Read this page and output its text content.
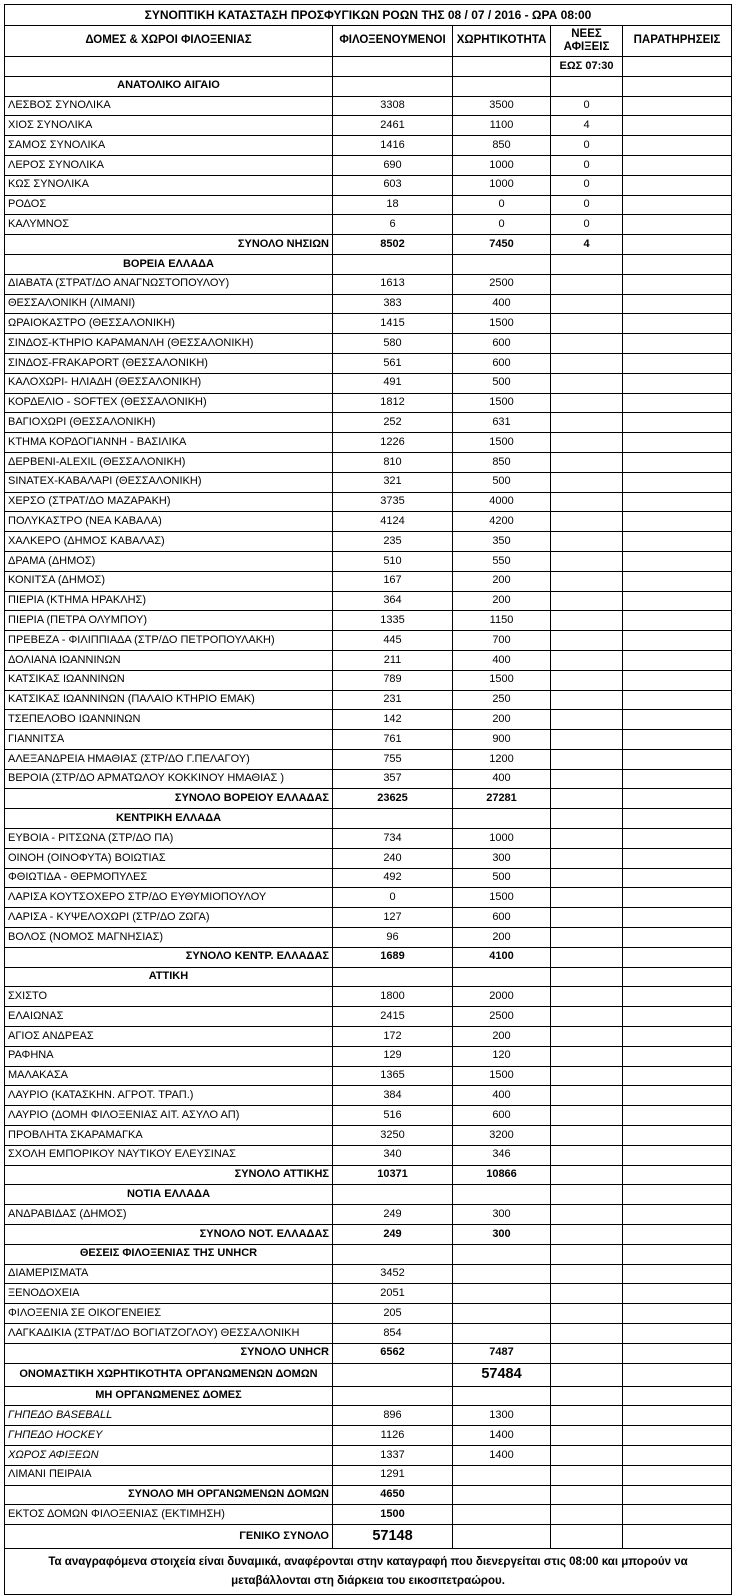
ΣΥΝΟΠΤΙΚΗ ΚΑΤΑΣΤΑΣΗ ΠΡΟΣΦΥΓΙΚΩΝ ΡΟΩΝ ΤΗΣ 08 / 07 / 2016 - ΩΡΑ 08:00				
ΔΟΜΕΣ & ΧΩΡΟΙ ΦΙΛΟΞΕΝΙΑΣ	ΦΙΛΟΞΕΝΟΥΜΕΝΟΙ	ΧΩΡΗΤΙΚΟΤΗΤΑ	ΝΕΕΣ ΑΦΙΞΕΙΣ	ΠΑΡΑΤΗΡΗΣΕΙΣ
			ΕΩΣ 07:30	
ΑΝΑΤΟΛΙΚΟ ΑΙΓΑΙΟ				
ΛΕΣΒΟΣ ΣΥΝΟΛΙΚΑ	3308	3500	0	
ΧΙΟΣ ΣΥΝΟΛΙΚΑ	2461	1100	4	
ΣΑΜΟΣ ΣΥΝΟΛΙΚΑ	1416	850	0	
ΛΕΡΟΣ ΣΥΝΟΛΙΚΑ	690	1000	0	
ΚΩΣ ΣΥΝΟΛΙΚΑ	603	1000	0	
ΡΟΔΟΣ	18	0	0	
ΚΑΛΥΜΝΟΣ	6	0	0	
ΣΥΝΟΛΟ ΝΗΣΙΩΝ	8502	7450	4	
ΒΟΡΕΙΑ ΕΛΛΑΔΑ				
ΔΙΑΒΑΤΑ (ΣΤΡΑΤ/ΔΟ ΑΝΑΓΝΩΣΤΟΠΟΥΛΟΥ)	1613	2500		
ΘΕΣΣΑΛΟΝΙΚΗ (ΛΙΜΑΝΙ)	383	400		
ΩΡΑΙΟΚΑΣΤΡΟ (ΘΕΣΣΑΛΟΝΙΚΗ)	1415	1500		
ΣΙΝΔΟΣ-ΚΤΗΡΙΟ ΚΑΡΑΜΑΝΛΗ (ΘΕΣΣΑΛΟΝΙΚΗ)	580	600		
ΣΙΝΔΟΣ-FRAKAPORT (ΘΕΣΣΑΛΟΝΙΚΗ)	561	600		
ΚΑΛΟΧΩΡΙ- ΗΛΙΑΔΗ (ΘΕΣΣΑΛΟΝΙΚΗ)	491	500		
ΚΟΡΔΕΛΙΟ - SOFTEX (ΘΕΣΣΑΛΟΝΙΚΗ)	1812	1500		
ΒΑΓΙΟΧΩΡΙ (ΘΕΣΣΑΛΟΝΙΚΗ)	252	631		
ΚΤΗΜΑ ΚΟΡΔΟΓΙΑΝΝΗ - ΒΑΣΙΛΙΚΑ	1226	1500		
ΔΕΡΒΕΝΙ-ALEXIL (ΘΕΣΣΑΛΟΝΙΚΗ)	810	850		
SINATEX-ΚΑΒΑΛΑΡΙ (ΘΕΣΣΑΛΟΝΙΚΗ)	321	500		
ΧΕΡΣΟ (ΣΤΡΑΤ/ΔΟ ΜΑΖΑΡΑΚΗ)	3735	4000		
ΠΟΛΥΚΑΣΤΡΟ (ΝΕΑ ΚΑΒΑΛΑ)	4124	4200		
ΧΑΛΚΕΡΟ (ΔΗΜΟΣ ΚΑΒΑΛΑΣ)	235	350		
ΔΡΑΜΑ (ΔΗΜΟΣ)	510	550		
ΚΟΝΙΤΣΑ (ΔΗΜΟΣ)	167	200		
ΠΙΕΡΙΑ (ΚΤΗΜΑ ΗΡΑΚΛΗΣ)	364	200		
ΠΙΕΡΙΑ (ΠΕΤΡΑ ΟΛΥΜΠΟΥ)	1335	1150		
ΠΡΕΒΕΖΑ - ΦΙΛΙΠΠΙΑΔΑ (ΣΤΡ/ΔΟ ΠΕΤΡΟΠΟΥΛΑΚΗ)	445	700		
ΔΟΛΙΑΝΑ ΙΩΑΝΝΙΝΩΝ	211	400		
ΚΑΤΣΙΚΑΣ ΙΩΑΝΝΙΝΩΝ	789	1500		
ΚΑΤΣΙΚΑΣ ΙΩΑΝΝΙΝΩΝ (ΠΑΛΑΙΟ ΚΤΗΡΙΟ ΕΜΑΚ)	231	250		
ΤΣΕΠΕΛΟΒΟ ΙΩΑΝΝΙΝΩΝ	142	200		
ΓΙΑΝΝΙΤΣΑ	761	900		
ΑΛΕΞΑΝΔΡΕΙΑ ΗΜΑΘΙΑΣ (ΣΤΡ/ΔΟ Γ.ΠΕΛΑΓΟΥ)	755	1200		
ΒΕΡΟΙΑ (ΣΤΡ/ΔΟ ΑΡΜΑΤΩΛΟΥ ΚΟΚΚΙΝΟΥ ΗΜΑΘΙΑΣ )	357	400		
ΣΥΝΟΛΟ ΒΟΡΕΙΟΥ ΕΛΛΑΔΑΣ	23625	27281		
ΚΕΝΤΡΙΚΗ ΕΛΛΑΔΑ				
ΕΥΒΟΙΑ - ΡΙΤΣΩΝΑ (ΣΤΡ/ΔΟ ΠΑ)	734	1000		
ΟΙΝΟΗ (ΟΙΝΟΦΥΤΑ) ΒΟΙΩΤΙΑΣ	240	300		
ΦΘΙΩΤΙΔΑ - ΘΕΡΜΟΠΥΛΕΣ	492	500		
ΛΑΡΙΣΑ ΚΟΥΤΣΟΧΕΡΟ ΣΤΡ/ΔΟ ΕΥΘΥΜΙΟΠΟΥΛΟΥ	0	1500		
ΛΑΡΙΣΑ - ΚΥΨΕΛΟΧΩΡΙ (ΣΤΡ/ΔΟ ΖΩΓΑ)	127	600		
ΒΟΛΟΣ (ΝΟΜΟΣ ΜΑΓΝΗΣΙΑΣ)	96	200		
ΣΥΝΟΛΟ ΚΕΝΤΡ. ΕΛΛΑΔΑΣ	1689	4100		
ΑΤΤΙΚΗ				
ΣΧΙΣΤΟ	1800	2000		
ΕΛΑΙΩΝΑΣ	2415	2500		
ΑΓΙΟΣ ΑΝΔΡΕΑΣ	172	200		
ΡΑΦΗΝΑ	129	120		
ΜΑΛΑΚΑΣΑ	1365	1500		
ΛΑΥΡΙΟ (ΚΑΤΑΣΚΗΝ. ΑΓΡΟΤ. ΤΡΑΠ.)	384	400		
ΛΑΥΡΙΟ (ΔΟΜΗ ΦΙΛΟΞΕΝΙΑΣ ΑΙΤ. ΑΣΥΛΟ ΑΠ)	516	600		
ΠΡΟΒΛΗΤΑ ΣΚΑΡΑΜΑΓΚΑ	3250	3200		
ΣΧΟΛΗ ΕΜΠΟΡΙΚΟΥ ΝΑΥΤΙΚΟΥ ΕΛΕΥΣΙΝΑΣ	340	346		
ΣΥΝΟΛΟ ΑΤΤΙΚΗΣ	10371	10866		
ΝΟΤΙΑ ΕΛΛΑΔΑ				
ΑΝΔΡΑΒΙΔΑΣ (ΔΗΜΟΣ)	249	300		
ΣΥΝΟΛΟ ΝΟΤ. ΕΛΛΑΔΑΣ	249	300		
ΘΕΣΕΙΣ ΦΙΛΟΞΕΝΙΑΣ ΤΗΣ UNHCR				
ΔΙΑΜΕΡΙΣΜΑΤΑ	3452			
ΞΕΝΟΔΟΧΕΙΑ	2051			
ΦΙΛΟΞΕΝΙΑ ΣΕ ΟΙΚΟΓΕΝΕΙΕΣ	205			
ΛΑΓΚΑΔΙΚΙΑ (ΣΤΡΑΤ/ΔΟ ΒΟΓΙΑΤΖΟΓΛΟΥ) ΘΕΣΣΑΛΟΝΙΚΗ	854			
ΣΥΝΟΛΟ UNHCR	6562	7487		
ΟΝΟΜΑΣΤΙΚΗ ΧΩΡΗΤΙΚΟΤΗΤΑ ΟΡΓΑΝΩΜΕΝΩΝ ΔΟΜΩΝ		57484		
ΜΗ ΟΡΓΑΝΩΜΕΝΕΣ ΔΟΜΕΣ				
ΓΗΠΕΔΟ BASEBALL	896	1300		
ΓΗΠΕΔΟ HOCKEY	1126	1400		
ΧΩΡΟΣ ΑΦΙΞΕΩΝ	1337	1400		
ΛΙΜΑΝΙ ΠΕΙΡΑΙΑ	1291			
ΣΥΝΟΛΟ ΜΗ ΟΡΓΑΝΩΜΕΝΩΝ ΔΟΜΩΝ	4650			
ΕΚΤΟΣ ΔΟΜΩΝ ΦΙΛΟΞΕΝΙΑΣ (ΕΚΤΙΜΗΣΗ)	1500			
ΓΕΝΙΚΟ ΣΥΝΟΛΟ	57148			
Τα αναγραφόμενα στοιχεία είναι δυναμικά, αναφέρονται στην καταγραφή που διενεργείται στις 08:00 και μπορούν να μεταβάλλονται στη διάρκεια του εικοσιτετραώρου.				
